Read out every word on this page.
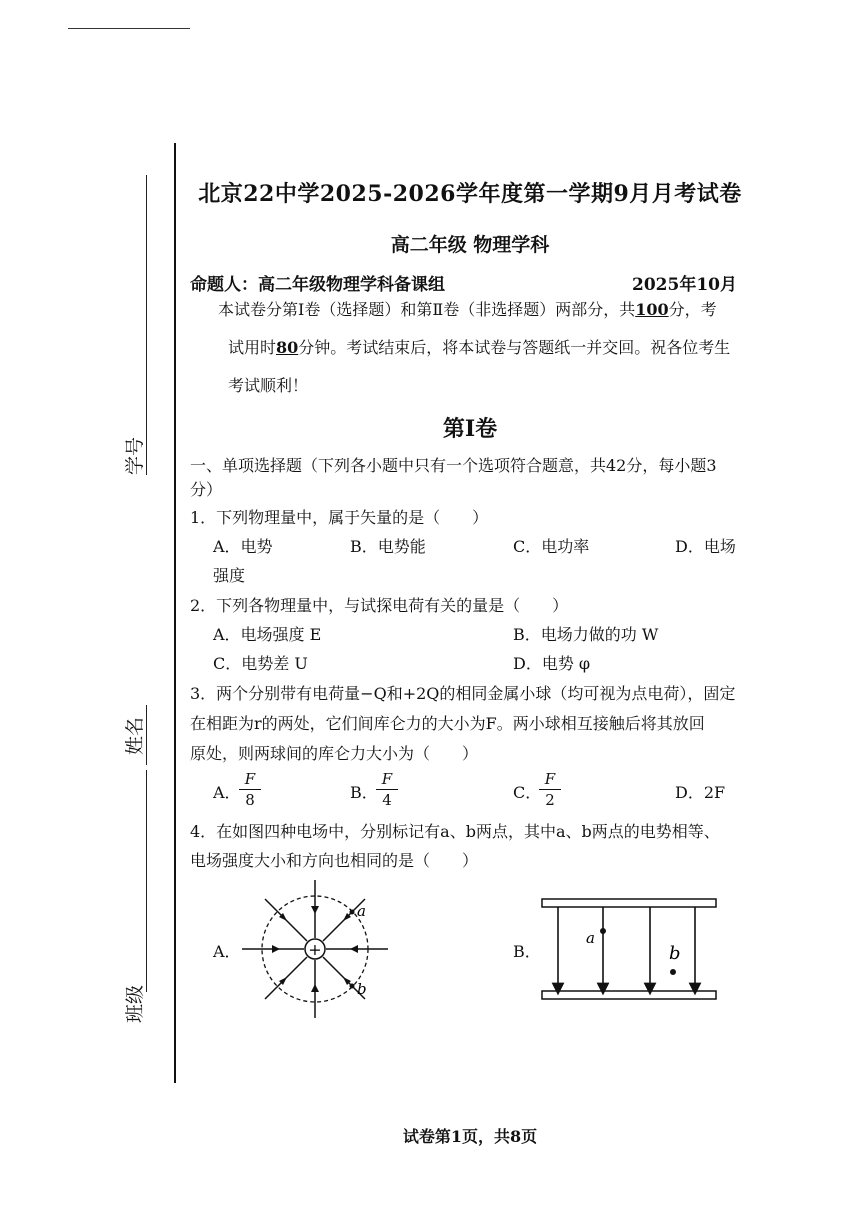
学号
姓名
班级
北京22中学2025-2026学年度第一学期9月月考试卷
高二年级 物理学科
命题人：高二年级物理学科备课组	2025年10月
本试卷分第Ⅰ卷（选择题）和第Ⅱ卷（非选择题）两部分，共100分，考
试用时80分钟。考试结束后，将本试卷与答题纸一并交回。祝各位考生
考试顺利！
第Ⅰ卷
一、单项选择题（下列各小题中只有一个选项符合题意，共42分，每小题3
分）
1．下列物理量中，属于矢量的是（　　）
A．电势	B．电势能	C．电功率	D．电场
强度
2．下列各物理量中，与试探电荷有关的量是（　　）
A．电场强度 E	B．电场力做的功 W
C．电势差 U	D．电势 φ
3．两个分别带有电荷量−Q和+2Q的相同金属小球（均可视为点电荷），固定
在相距为r的两处，它们间库仑力的大小为F。两小球相互接触后将其放回
原处，则两球间的库仑力大小为（　　）
A．
F
8	B．
F
4	C．
F
2	D．2F
4．在如图四种电场中，分别标记有a、b两点，其中a、b两点的电势相等、
电场强度大小和方向也相同的是（　　）
A．	+
a
b
B．
a
b
试卷第1页，共8页
